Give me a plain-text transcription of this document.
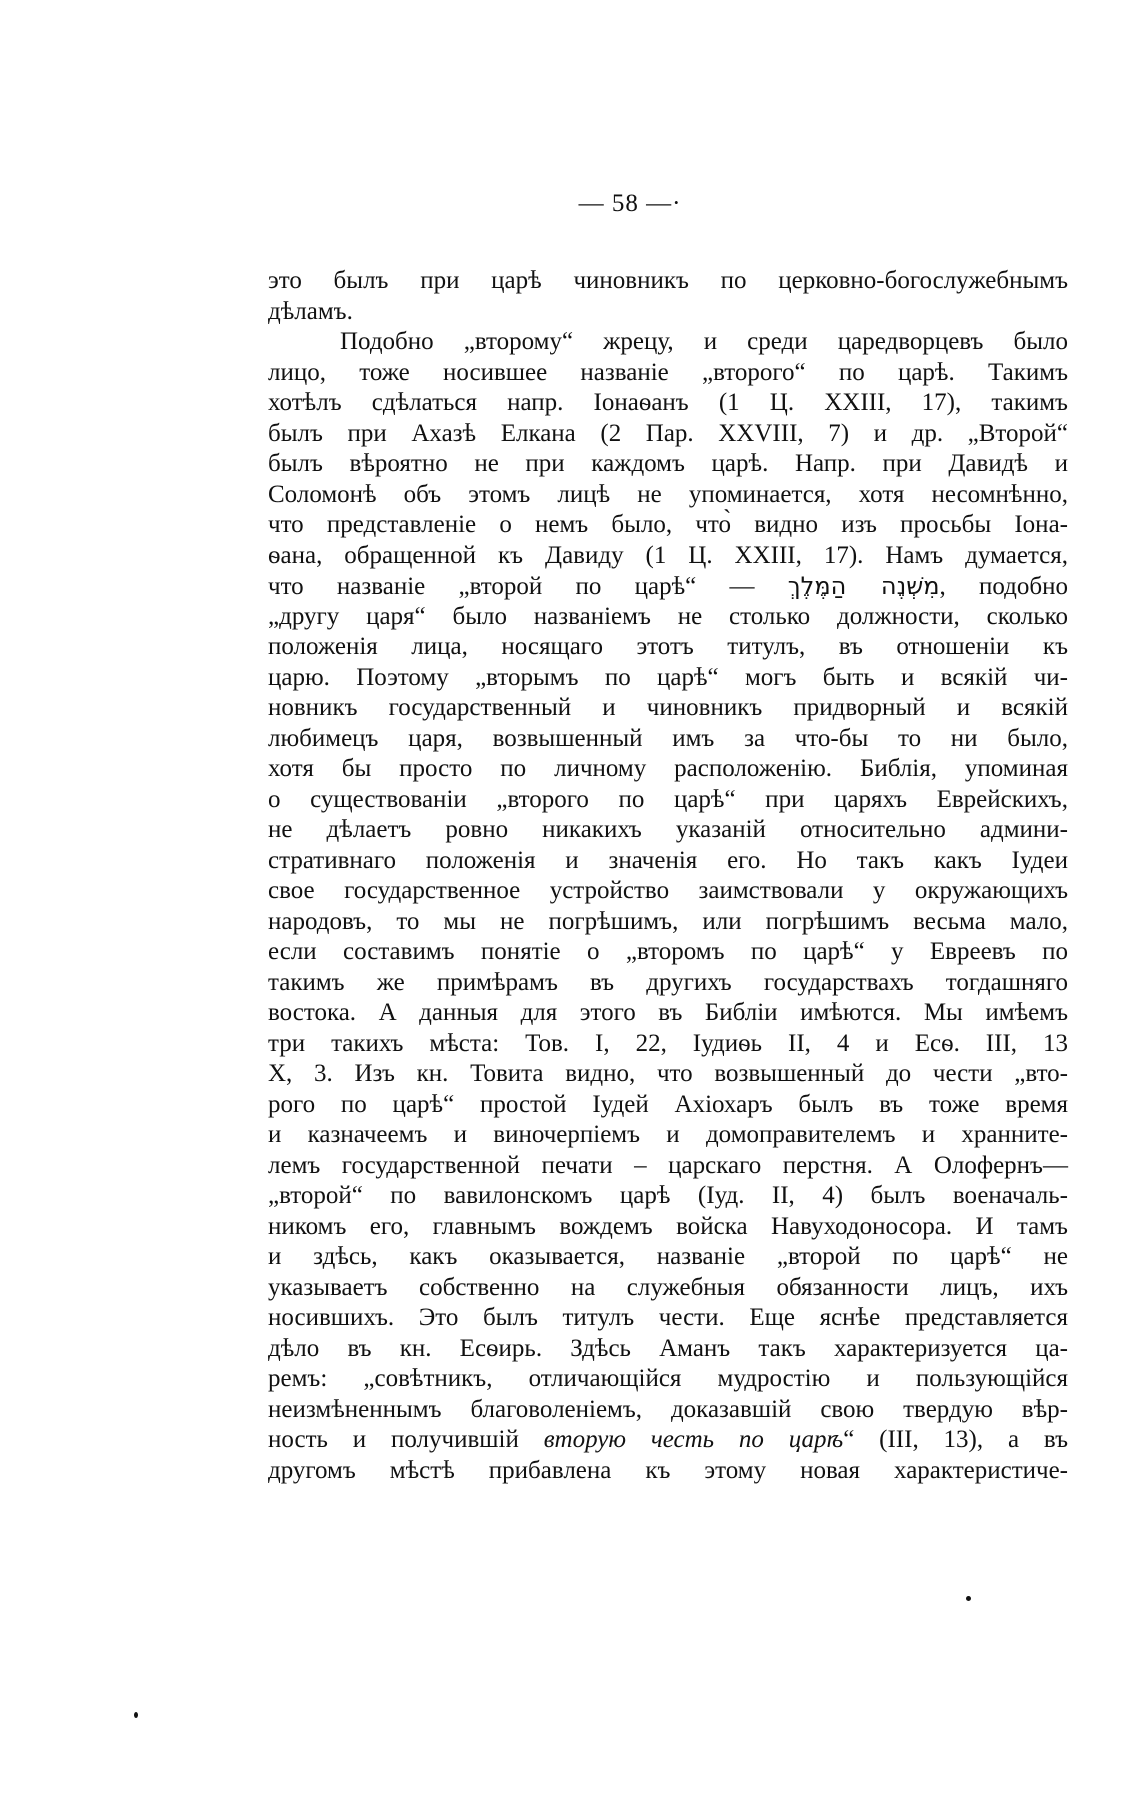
— 58 —·
это былъ при царѣ чиновникъ по церковно-богослужебнымъ
дѣламъ.
Подобно „второму“ жрецу, и среди царедворцевъ было
лицо, тоже носившее названіе „второго“ по царѣ. Такимъ
хотѣлъ сдѣлаться напр. Іонаѳанъ (1 Ц. XXIII, 17), такимъ
былъ при Ахазѣ Елкана (2 Пар. XXVIII, 7) и др. „Второй“
былъ вѣроятно не при каждомъ царѣ. Напр. при Давидѣ и
Соломонѣ объ этомъ лицѣ не упоминается, хотя несомнѣнно,
что представленіе о немъ было, что̀ видно изъ просьбы Іона-
ѳана, обращенной къ Давиду (1 Ц. XXIII, 17). Намъ думается,
что названіе „второй по царѣ“ — מִשְׁנֶה הַמֶּלֶךְ, подобно
„другу царя“ было названіемъ не столько должности, сколько
положенія лица, носящаго этотъ титулъ, въ отношеніи къ
царю. Поэтому „вторымъ по царѣ“ могъ быть и всякій чи-
новникъ государственный и чиновникъ придворный и всякій
любимецъ царя, возвышенный имъ за что-бы то ни было,
хотя бы просто по личному расположенію. Библія, упоминая
о существованіи „второго по царѣ“ при царяхъ Еврейскихъ,
не дѣлаетъ ровно никакихъ указаній относительно админи-
стративнаго положенія и значенія его. Но такъ какъ Іудеи
свое государственное устройство заимствовали у окружающихъ
народовъ, то мы не погрѣшимъ, или погрѣшимъ весьма мало,
если составимъ понятіе о „второмъ по царѣ“ у Евреевъ по
такимъ же примѣрамъ въ другихъ государствахъ тогдашняго
востока. А данныя для этого въ Библіи имѣются. Мы имѣемъ
три такихъ мѣста: Тов. I, 22, Іудиѳь II, 4 и Есѳ. III, 13
X, 3. Изъ кн. Товита видно, что возвышенный до чести „вто-
рого по царѣ“ простой Іудей Ахіохаръ былъ въ тоже время
и казначеемъ и виночерпіемъ и домоправителемъ и хранните-
лемъ государственной печати – царскаго перстня. А Олофернъ—
„второй“ по вавилонскомъ царѣ (Іуд. II, 4) былъ военачаль-
никомъ его, главнымъ вождемъ войска Навуходоносора. И тамъ
и здѣсь, какъ оказывается, названіе „второй по царѣ“ не
указываетъ собственно на служебныя обязанности лицъ, ихъ
носившихъ. Это былъ титулъ чести. Еще яснѣе представляется
дѣло въ кн. Есѳирь. Здѣсь Аманъ такъ характеризуется ца-
ремъ: „совѣтникъ, отличающійся мудростію и пользующійся
неизмѣненнымъ благоволеніемъ, доказавшій свою твердую вѣр-
ность и получившій вторую честь по царѣ“ (III, 13), а въ
другомъ мѣстѣ прибавлена къ этому новая характеристиче-
